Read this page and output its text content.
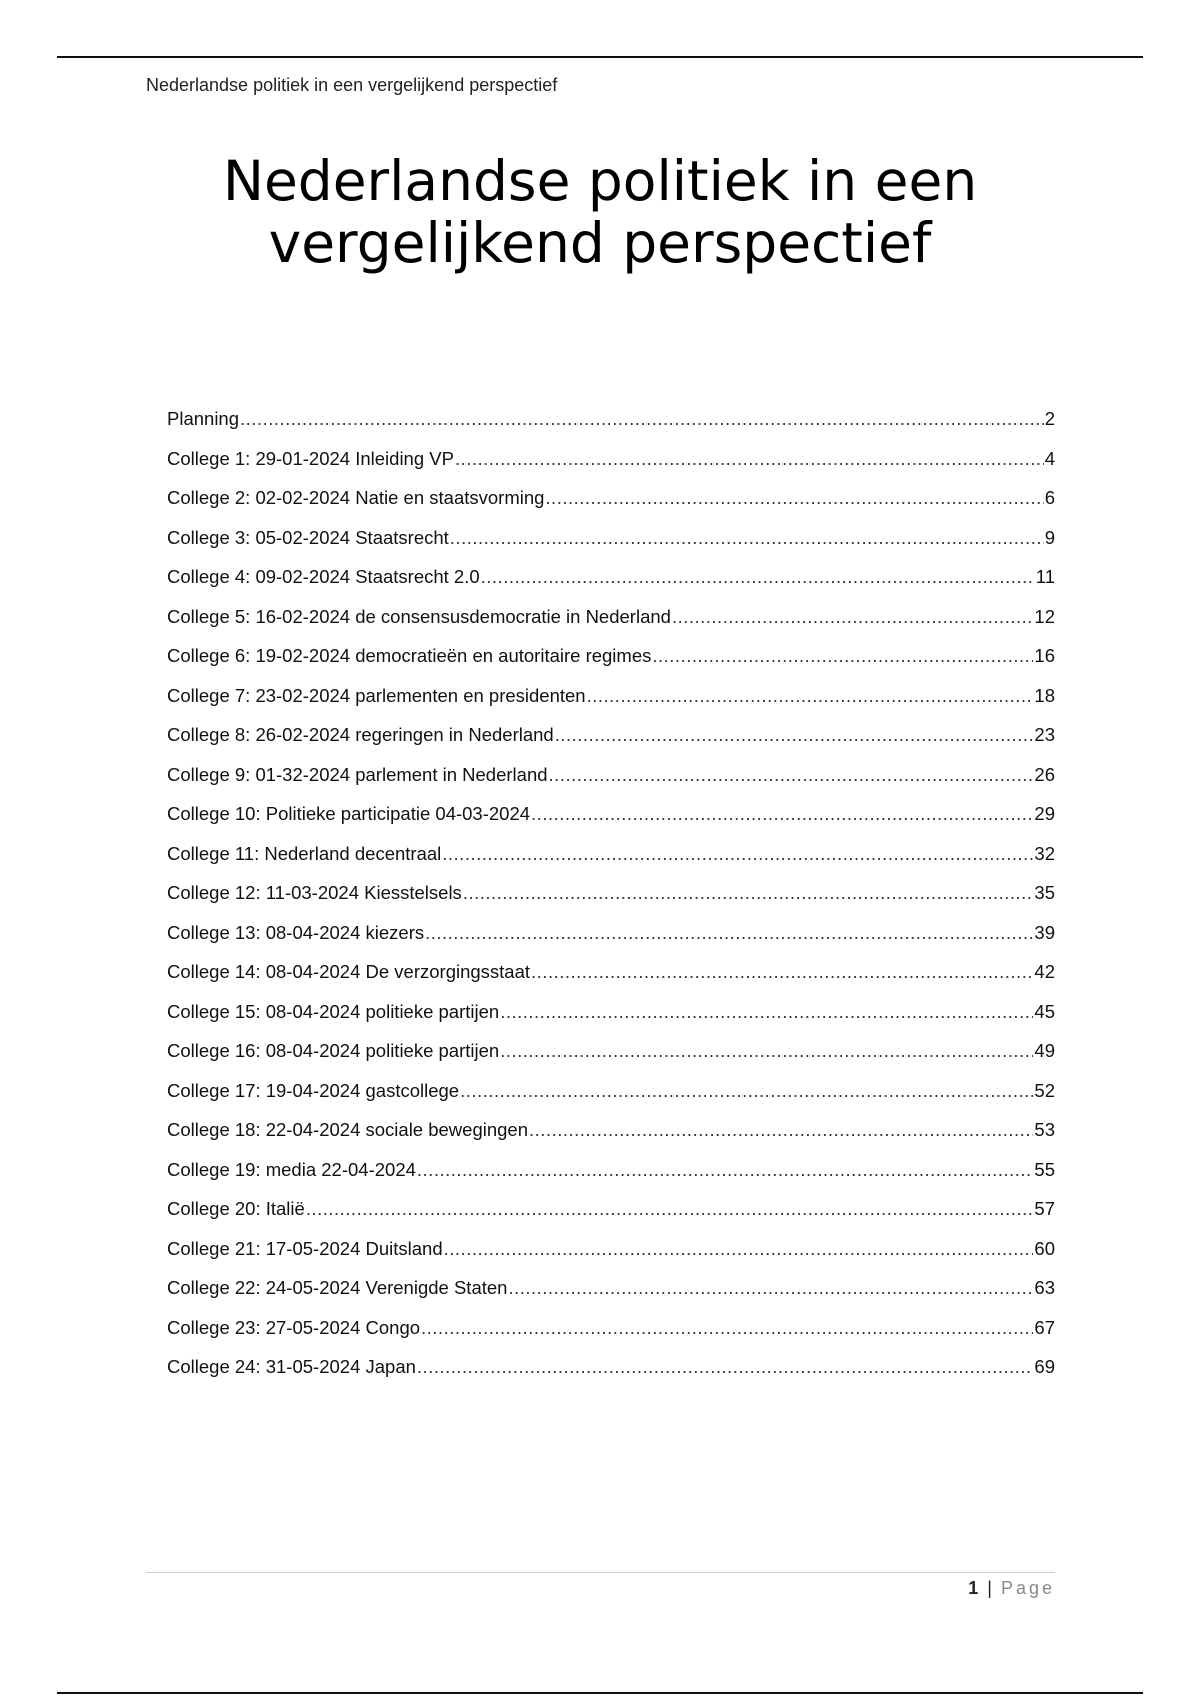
Nederlandse politiek in een vergelijkend perspectief
Nederlandse politiek in een
vergelijkend perspectief
Planning .....	2
College 1: 29-01-2024 Inleiding VP .....	4
College 2: 02-02-2024 Natie en staatsvorming .....	6
College 3: 05-02-2024 Staatsrecht .....	9
College 4: 09-02-2024 Staatsrecht 2.0 .....	11
College 5: 16-02-2024 de consensusdemocratie in Nederland .....	12
College 6: 19-02-2024 democratieën en autoritaire regimes .....	16
College 7: 23-02-2024 parlementen en presidenten .....	18
College 8: 26-02-2024 regeringen in Nederland .....	23
College 9: 01-32-2024 parlement in Nederland .....	26
College 10: Politieke participatie 04-03-2024 .....	29
College 11: Nederland decentraal .....	32
College 12: 11-03-2024 Kiesstelsels .....	35
College 13: 08-04-2024 kiezers .....	39
College 14: 08-04-2024 De verzorgingsstaat .....	42
College 15: 08-04-2024 politieke partijen .....	45
College 16: 08-04-2024 politieke partijen .....	49
College 17: 19-04-2024 gastcollege .....	52
College 18: 22-04-2024 sociale bewegingen .....	53
College 19: media 22-04-2024 .....	55
College 20: Italië .....	57
College 21: 17-05-2024 Duitsland .....	60
College 22: 24-05-2024 Verenigde Staten .....	63
College 23: 27-05-2024 Congo .....	67
College 24: 31-05-2024 Japan .....	69
1 | Page
